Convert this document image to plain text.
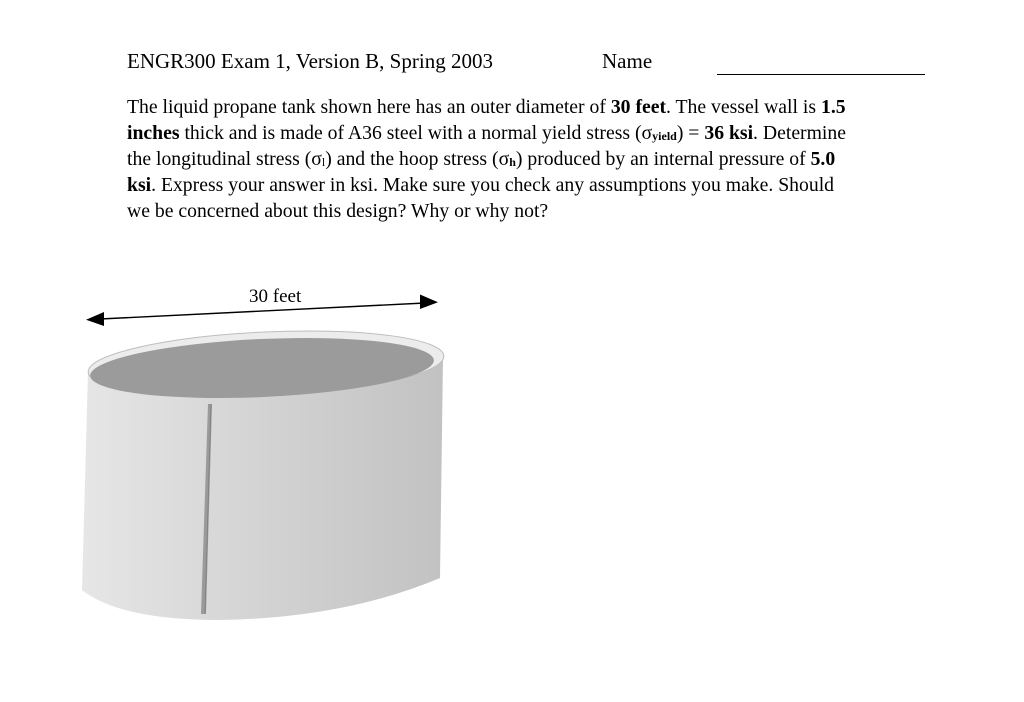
ENGR300 Exam 1, Version B, Spring 2003	Name
The liquid propane tank shown here has an outer diameter of 30 feet. The vessel wall is 1.5
inches thick and is made of A36 steel with a normal yield stress $(\sigma_{yield}) = 36$ ksi. Determine
the longitudinal stress $(\sigma_l)$ and the hoop stress $(\sigma_h)$ produced by an internal pressure of 5.0
ksi. Express your answer in ksi. Make sure you check any assumptions you make. Should
we be concerned about this design? Why or why not?
30 feet
